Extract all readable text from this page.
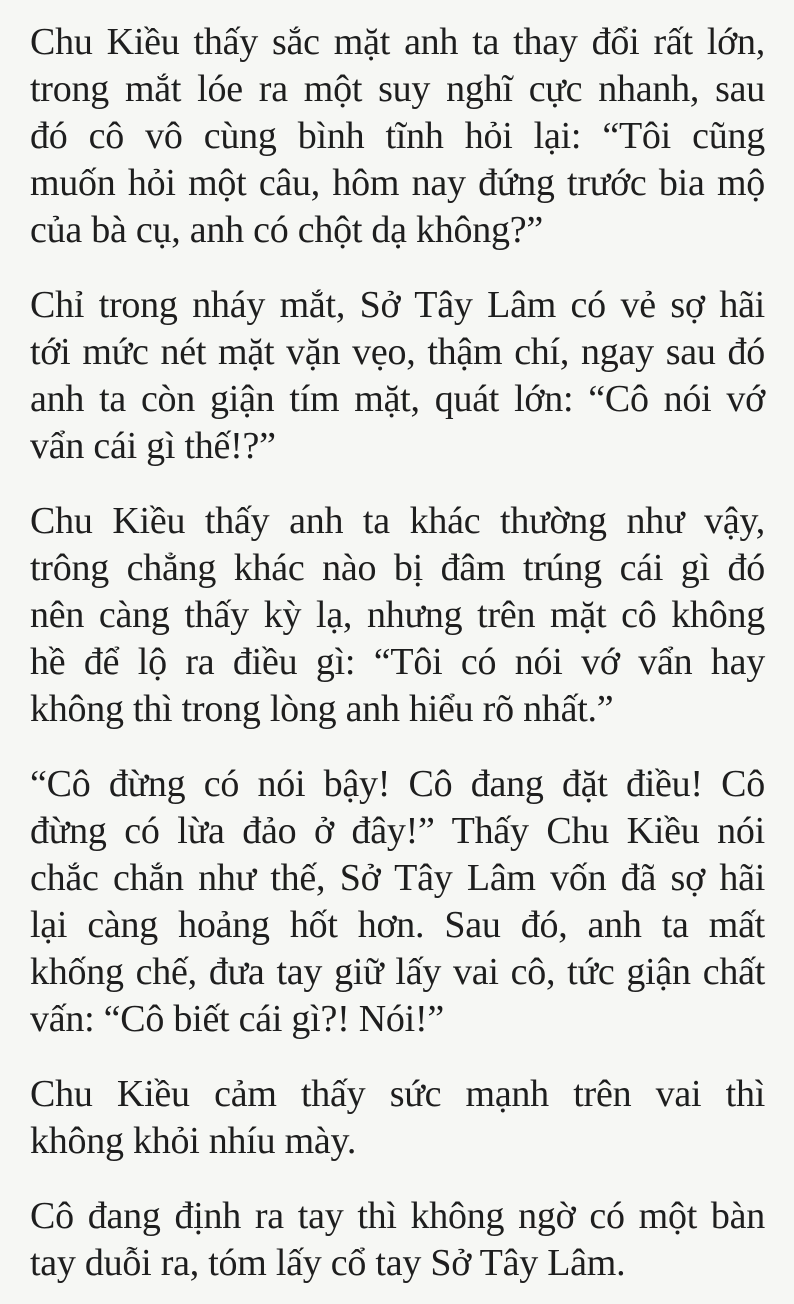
Chu Kiều thấy sắc mặt anh ta thay đổi rất lớn,
trong mắt lóe ra một suy nghĩ cực nhanh, sau
đó cô vô cùng bình tĩnh hỏi lại: “Tôi cũng
muốn hỏi một câu, hôm nay đứng trước bia mộ
của bà cụ, anh có chột dạ không?”

Chỉ trong nháy mắt, Sở Tây Lâm có vẻ sợ hãi
tới mức nét mặt vặn vẹo, thậm chí, ngay sau đó
anh ta còn giận tím mặt, quát lớn: “Cô nói vớ
vẩn cái gì thế!?”

Chu Kiều thấy anh ta khác thường như vậy,
trông chẳng khác nào bị đâm trúng cái gì đó
nên càng thấy kỳ lạ, nhưng trên mặt cô không
hề để lộ ra điều gì: “Tôi có nói vớ vẩn hay
không thì trong lòng anh hiểu rõ nhất.”

“Cô đừng có nói bậy! Cô đang đặt điều! Cô
đừng có lừa đảo ở đây!” Thấy Chu Kiều nói
chắc chắn như thế, Sở Tây Lâm vốn đã sợ hãi
lại càng hoảng hốt hơn. Sau đó, anh ta mất
khống chế, đưa tay giữ lấy vai cô, tức giận chất
vấn: “Cô biết cái gì?! Nói!”

Chu Kiều cảm thấy sức mạnh trên vai thì
không khỏi nhíu mày.

Cô đang định ra tay thì không ngờ có một bàn
tay duỗi ra, tóm lấy cổ tay Sở Tây Lâm.
